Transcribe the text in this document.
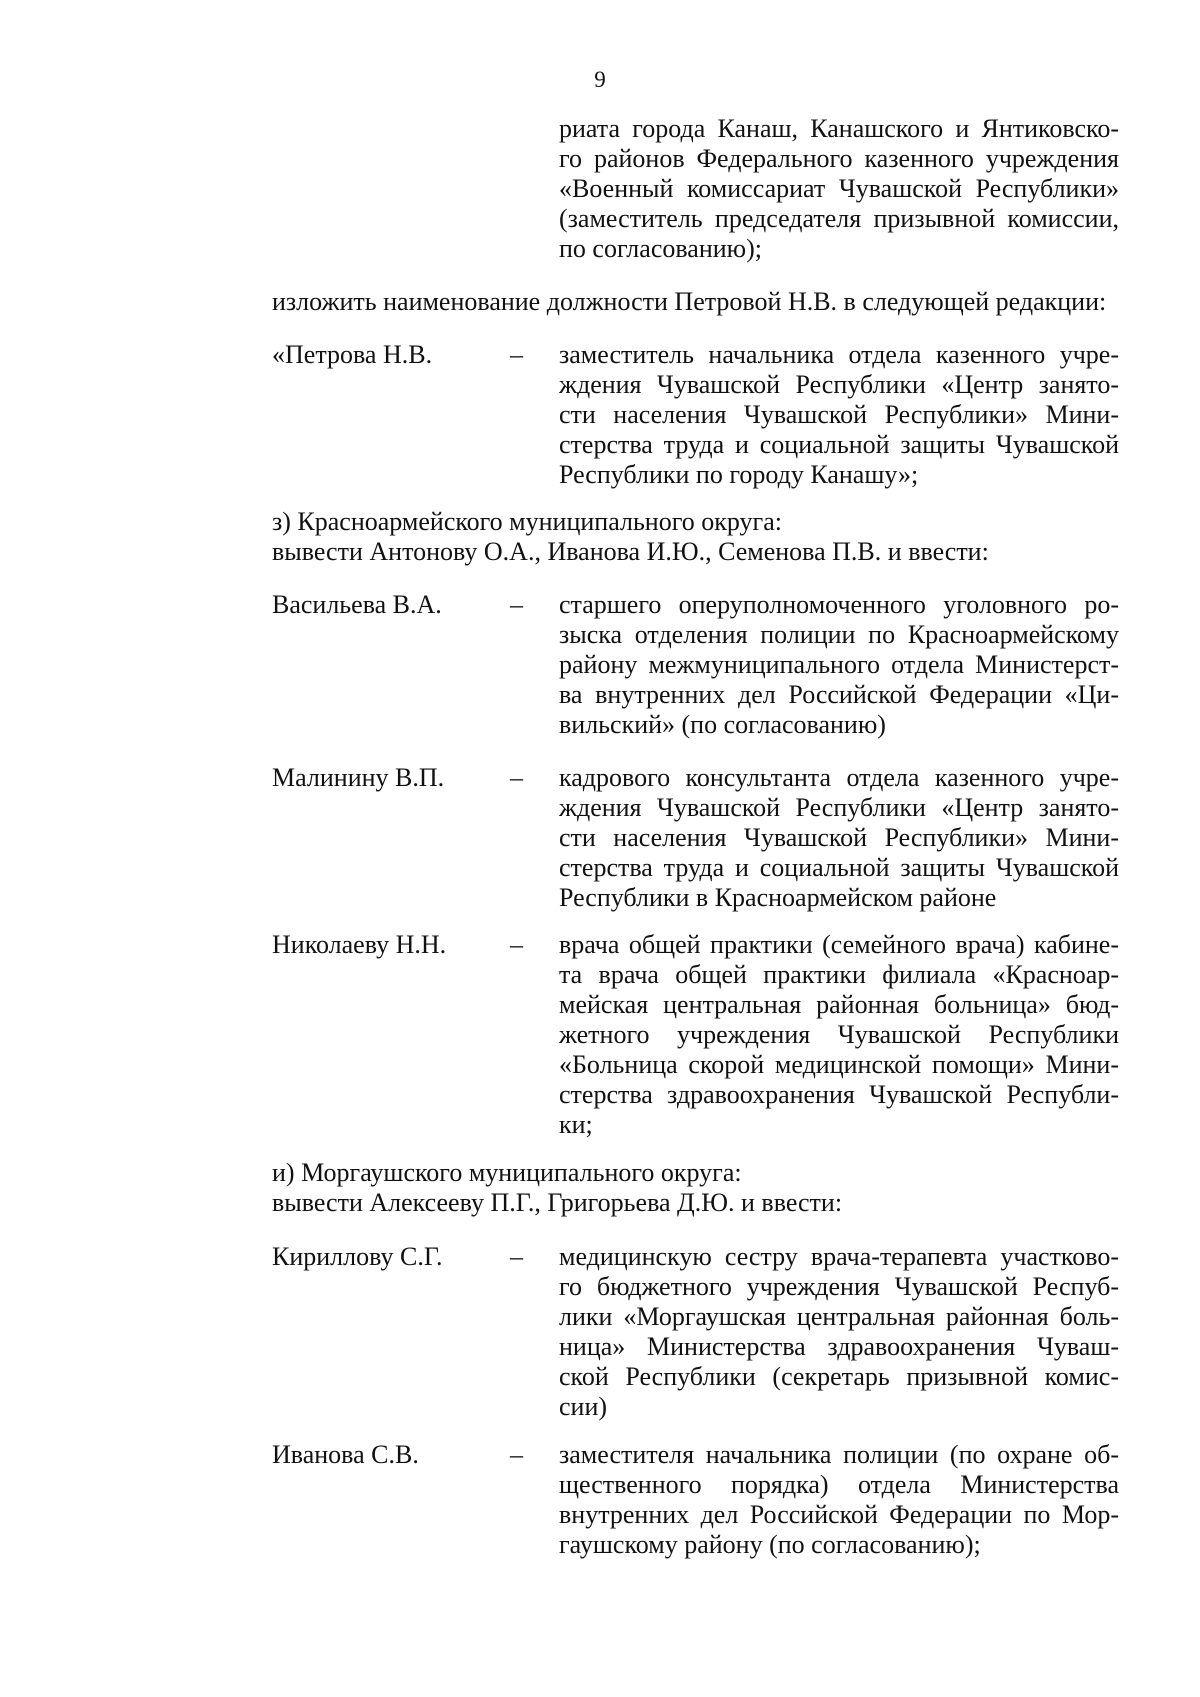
9
риата города Канаш, Канашского и Янтиковско-
го районов Федерального казенного учреждения
«Военный комиссариат Чувашской Республики»
(заместитель председателя призывной комиссии,
по согласованию);
изложить наименование должности Петровой Н.В. в следующей редакции:
«Петрова Н.В.	– заместитель начальника отдела казенного учре-
ждения Чувашской Республики «Центр занято-
сти населения Чувашской Республики» Мини-
стерства труда и социальной защиты Чувашской
Республики по городу Канашу»;
з) Красноармейского муниципального округа:
вывести Антонову О.А., Иванова И.Ю., Семенова П.В. и ввести:
Васильева В.А.	– старшего оперуполномоченного уголовного ро-
зыска отделения полиции по Красноармейскому
району межмуниципального отдела Министерст-
ва внутренних дел Российской Федерации «Ци-
вильский» (по согласованию)
Малинину В.П.	– кадрового консультанта отдела казенного учре-
ждения Чувашской Республики «Центр занято-
сти населения Чувашской Республики» Мини-
стерства труда и социальной защиты Чувашской
Республики в Красноармейском районе
Николаеву Н.Н. – врача общей практики (семейного врача) кабине-
та врача общей практики филиала «Красноар-
мейская центральная районная больница» бюд-
жетного учреждения Чувашской Республики
«Больница скорой медицинской помощи» Мини-
стерства здравоохранения Чувашской Республи-
ки;
и) Моргаушского муниципального округа:
вывести Алексееву П.Г., Григорьева Д.Ю. и ввести:
Кириллову С.Г.	– медицинскую сестру врача-терапевта участково-
го бюджетного учреждения Чувашской Респуб-
лики «Моргаушская центральная районная боль-
ница» Министерства здравоохранения Чуваш-
ской Республики (секретарь призывной комис-
сии)
Иванова С.В.	– заместителя начальника полиции (по охране об-
щественного порядка) отдела Министерства
внутренних дел Российской Федерации по Мор-
гаушскому району (по согласованию);
